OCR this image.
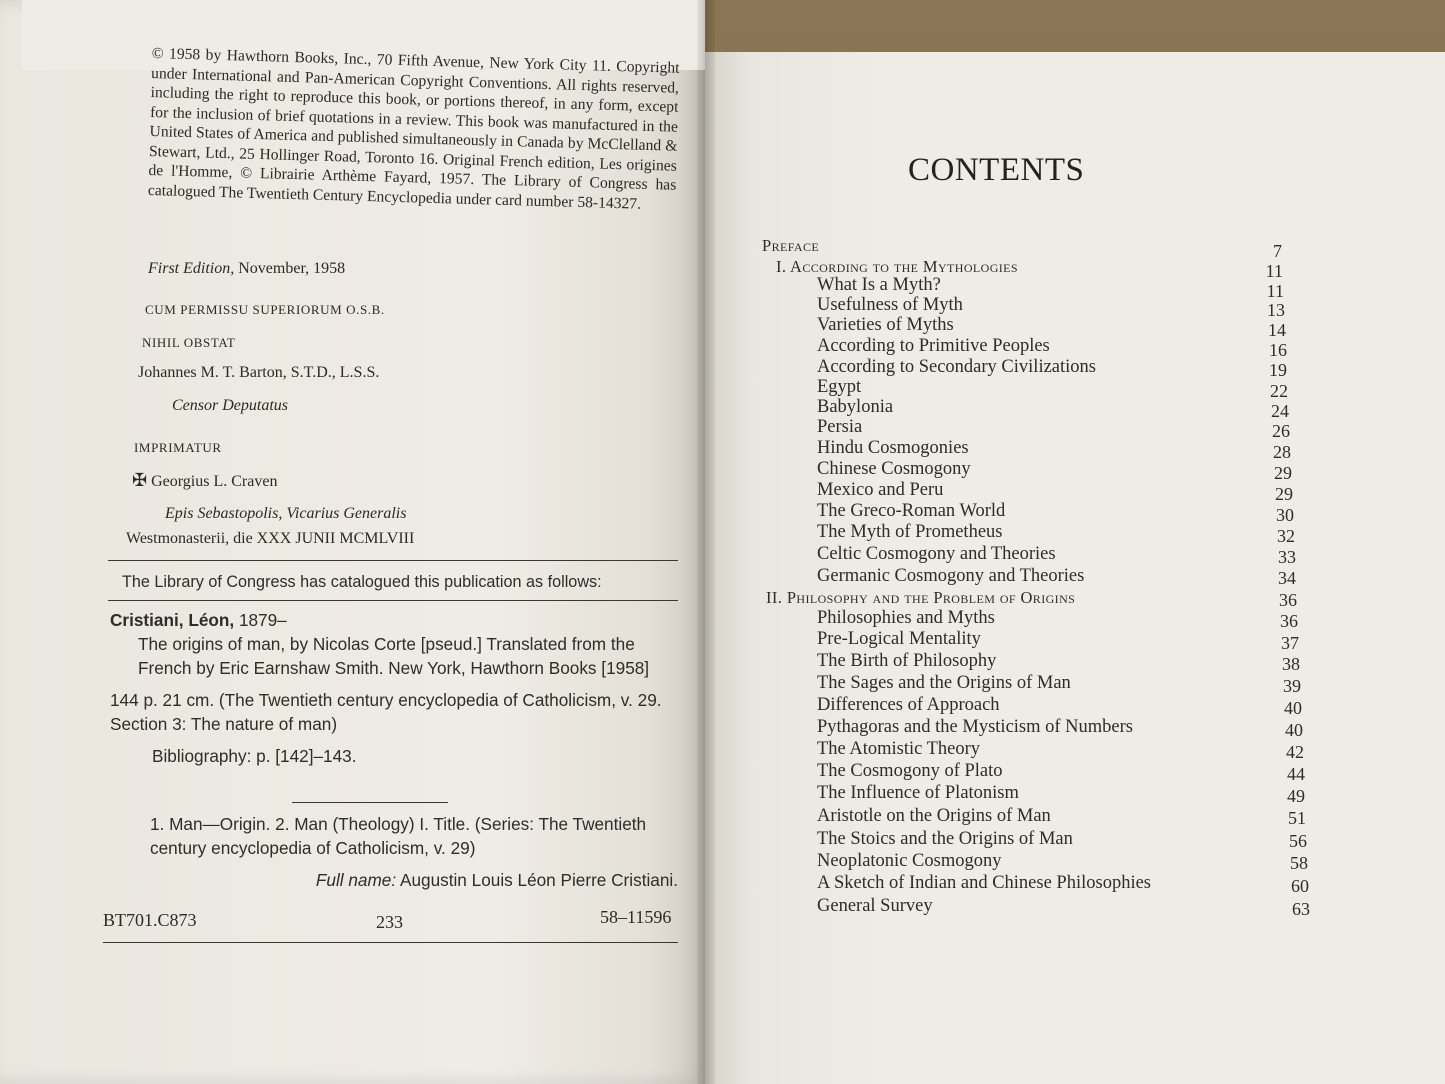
© 1958 by Hawthorn Books, Inc., 70 Fifth Avenue, New York City 11. Copyright under International and Pan-American Copyright Conventions. All rights reserved, including the right to reproduce this book, or portions thereof, in any form, except for the inclusion of brief quotations in a review. This book was manufactured in the United States of America and published simultaneously in Canada by McClelland & Stewart, Ltd., 25 Hollinger Road, Toronto 16. Original French edition, Les origines de l'Homme, © Librairie Arthème Fayard, 1957. The Library of Congress has catalogued The Twentieth Century Encyclopedia under card number 58-14327.
First Edition, November, 1958
CUM PERMISSU SUPERIORUM O.S.B.
NIHIL OBSTAT
Johannes M. T. Barton, S.T.D., L.S.S.
Censor Deputatus
IMPRIMATUR
✠ Georgius L. Craven
Epis Sebastopolis, Vicarius Generalis
Westmonasterii, die XXX JUNII MCMLVIII

The Library of Congress has catalogued this publication as follows:

Cristiani, Léon, 1879–

The origins of man, by Nicolas Corte [pseud.] Translated from the French by Eric Earnshaw Smith. New York, Hawthorn Books [1958]

144 p. 21 cm. (The Twentieth century encyclopedia of Catholicism, v. 29. Section 3: The nature of man)

Bibliography: p. [142]–143.

1. Man—Origin. 2. Man (Theology) I. Title. (Series: The Twentieth century encyclopedia of Catholicism, v. 29)

Full name: Augustin Louis Léon Pierre Cristiani.

BT701.C873	233	58–11596
CONTENTS
Preface	7
I. According to the Mythologies	11
What Is a Myth?	11
Usefulness of Myth	13
Varieties of Myths	14
According to Primitive Peoples	16
According to Secondary Civilizations	19
Egypt	22
Babylonia	24
Persia	26
Hindu Cosmogonies	28
Chinese Cosmogony	29
Mexico and Peru	29
The Greco-Roman World	30
The Myth of Prometheus	32
Celtic Cosmogony and Theories	33
Germanic Cosmogony and Theories	34
II. Philosophy and the Problem of Origins	36
Philosophies and Myths	36
Pre-Logical Mentality	37
The Birth of Philosophy	38
The Sages and the Origins of Man	39
Differences of Approach	40
Pythagoras and the Mysticism of Numbers	40
The Atomistic Theory	42
The Cosmogony of Plato	44
The Influence of Platonism	49
Aristotle on the Origins of Man	51
The Stoics and the Origins of Man	56
Neoplatonic Cosmogony	58
A Sketch of Indian and Chinese Philosophies	60
General Survey	63
